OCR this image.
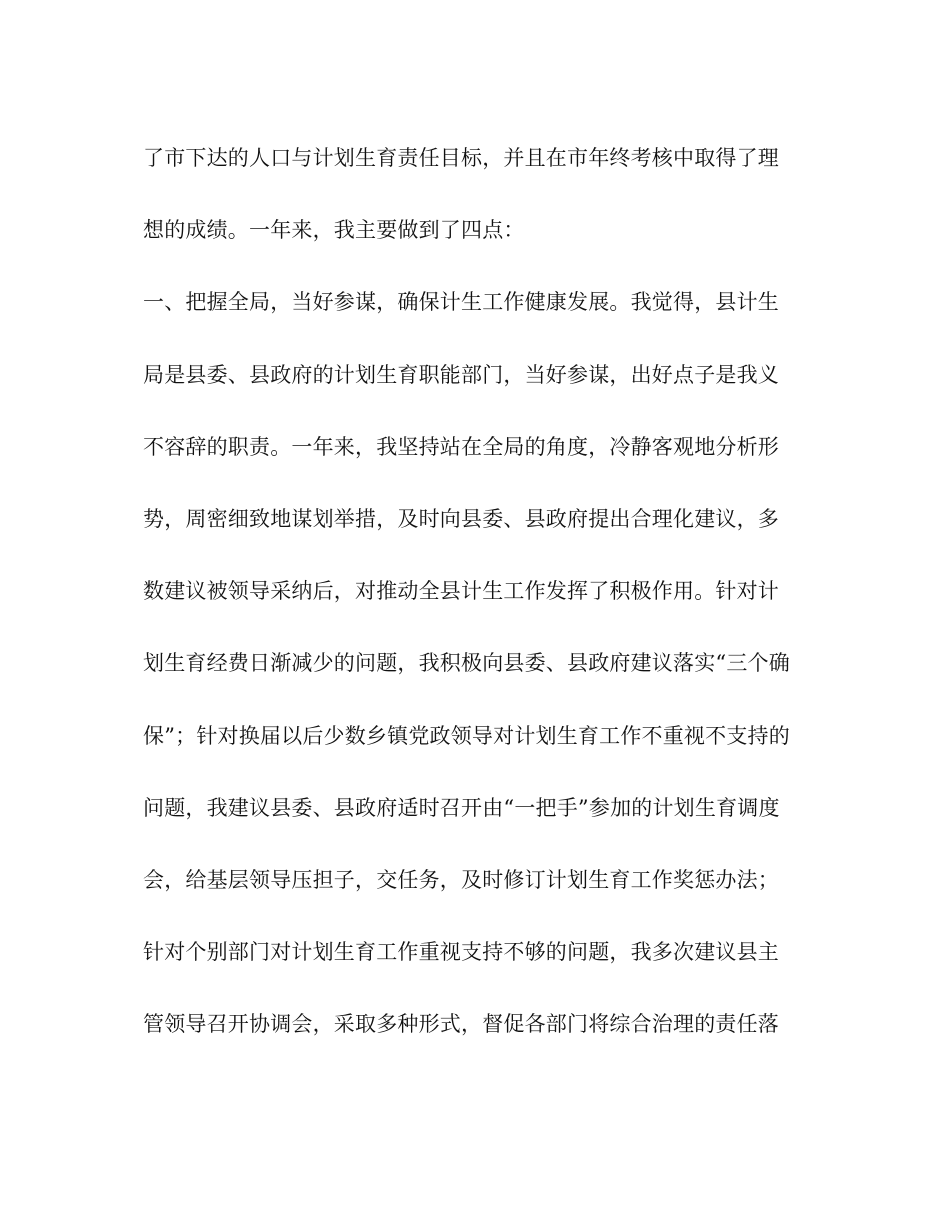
了市下达的人口与计划生育责任目标，并且在市年终考核中取得了理
想的成绩。一年来，我主要做到了四点：
一、把握全局，当好参谋，确保计生工作健康发展。我觉得，县计生
局是县委、县政府的计划生育职能部门，当好参谋，出好点子是我义
不容辞的职责。一年来，我坚持站在全局的角度，冷静客观地分析形
势，周密细致地谋划举措，及时向县委、县政府提出合理化建议，多
数建议被领导采纳后，对推动全县计生工作发挥了积极作用。针对计
划生育经费日渐减少的问题，我积极向县委、县政府建议落实“三个确
保”；针对换届以后少数乡镇党政领导对计划生育工作不重视不支持的
问题，我建议县委、县政府适时召开由“一把手”参加的计划生育调度
会，给基层领导压担子，交任务，及时修订计划生育工作奖惩办法；
针对个别部门对计划生育工作重视支持不够的问题，我多次建议县主
管领导召开协调会，采取多种形式，督促各部门将综合治理的责任落
